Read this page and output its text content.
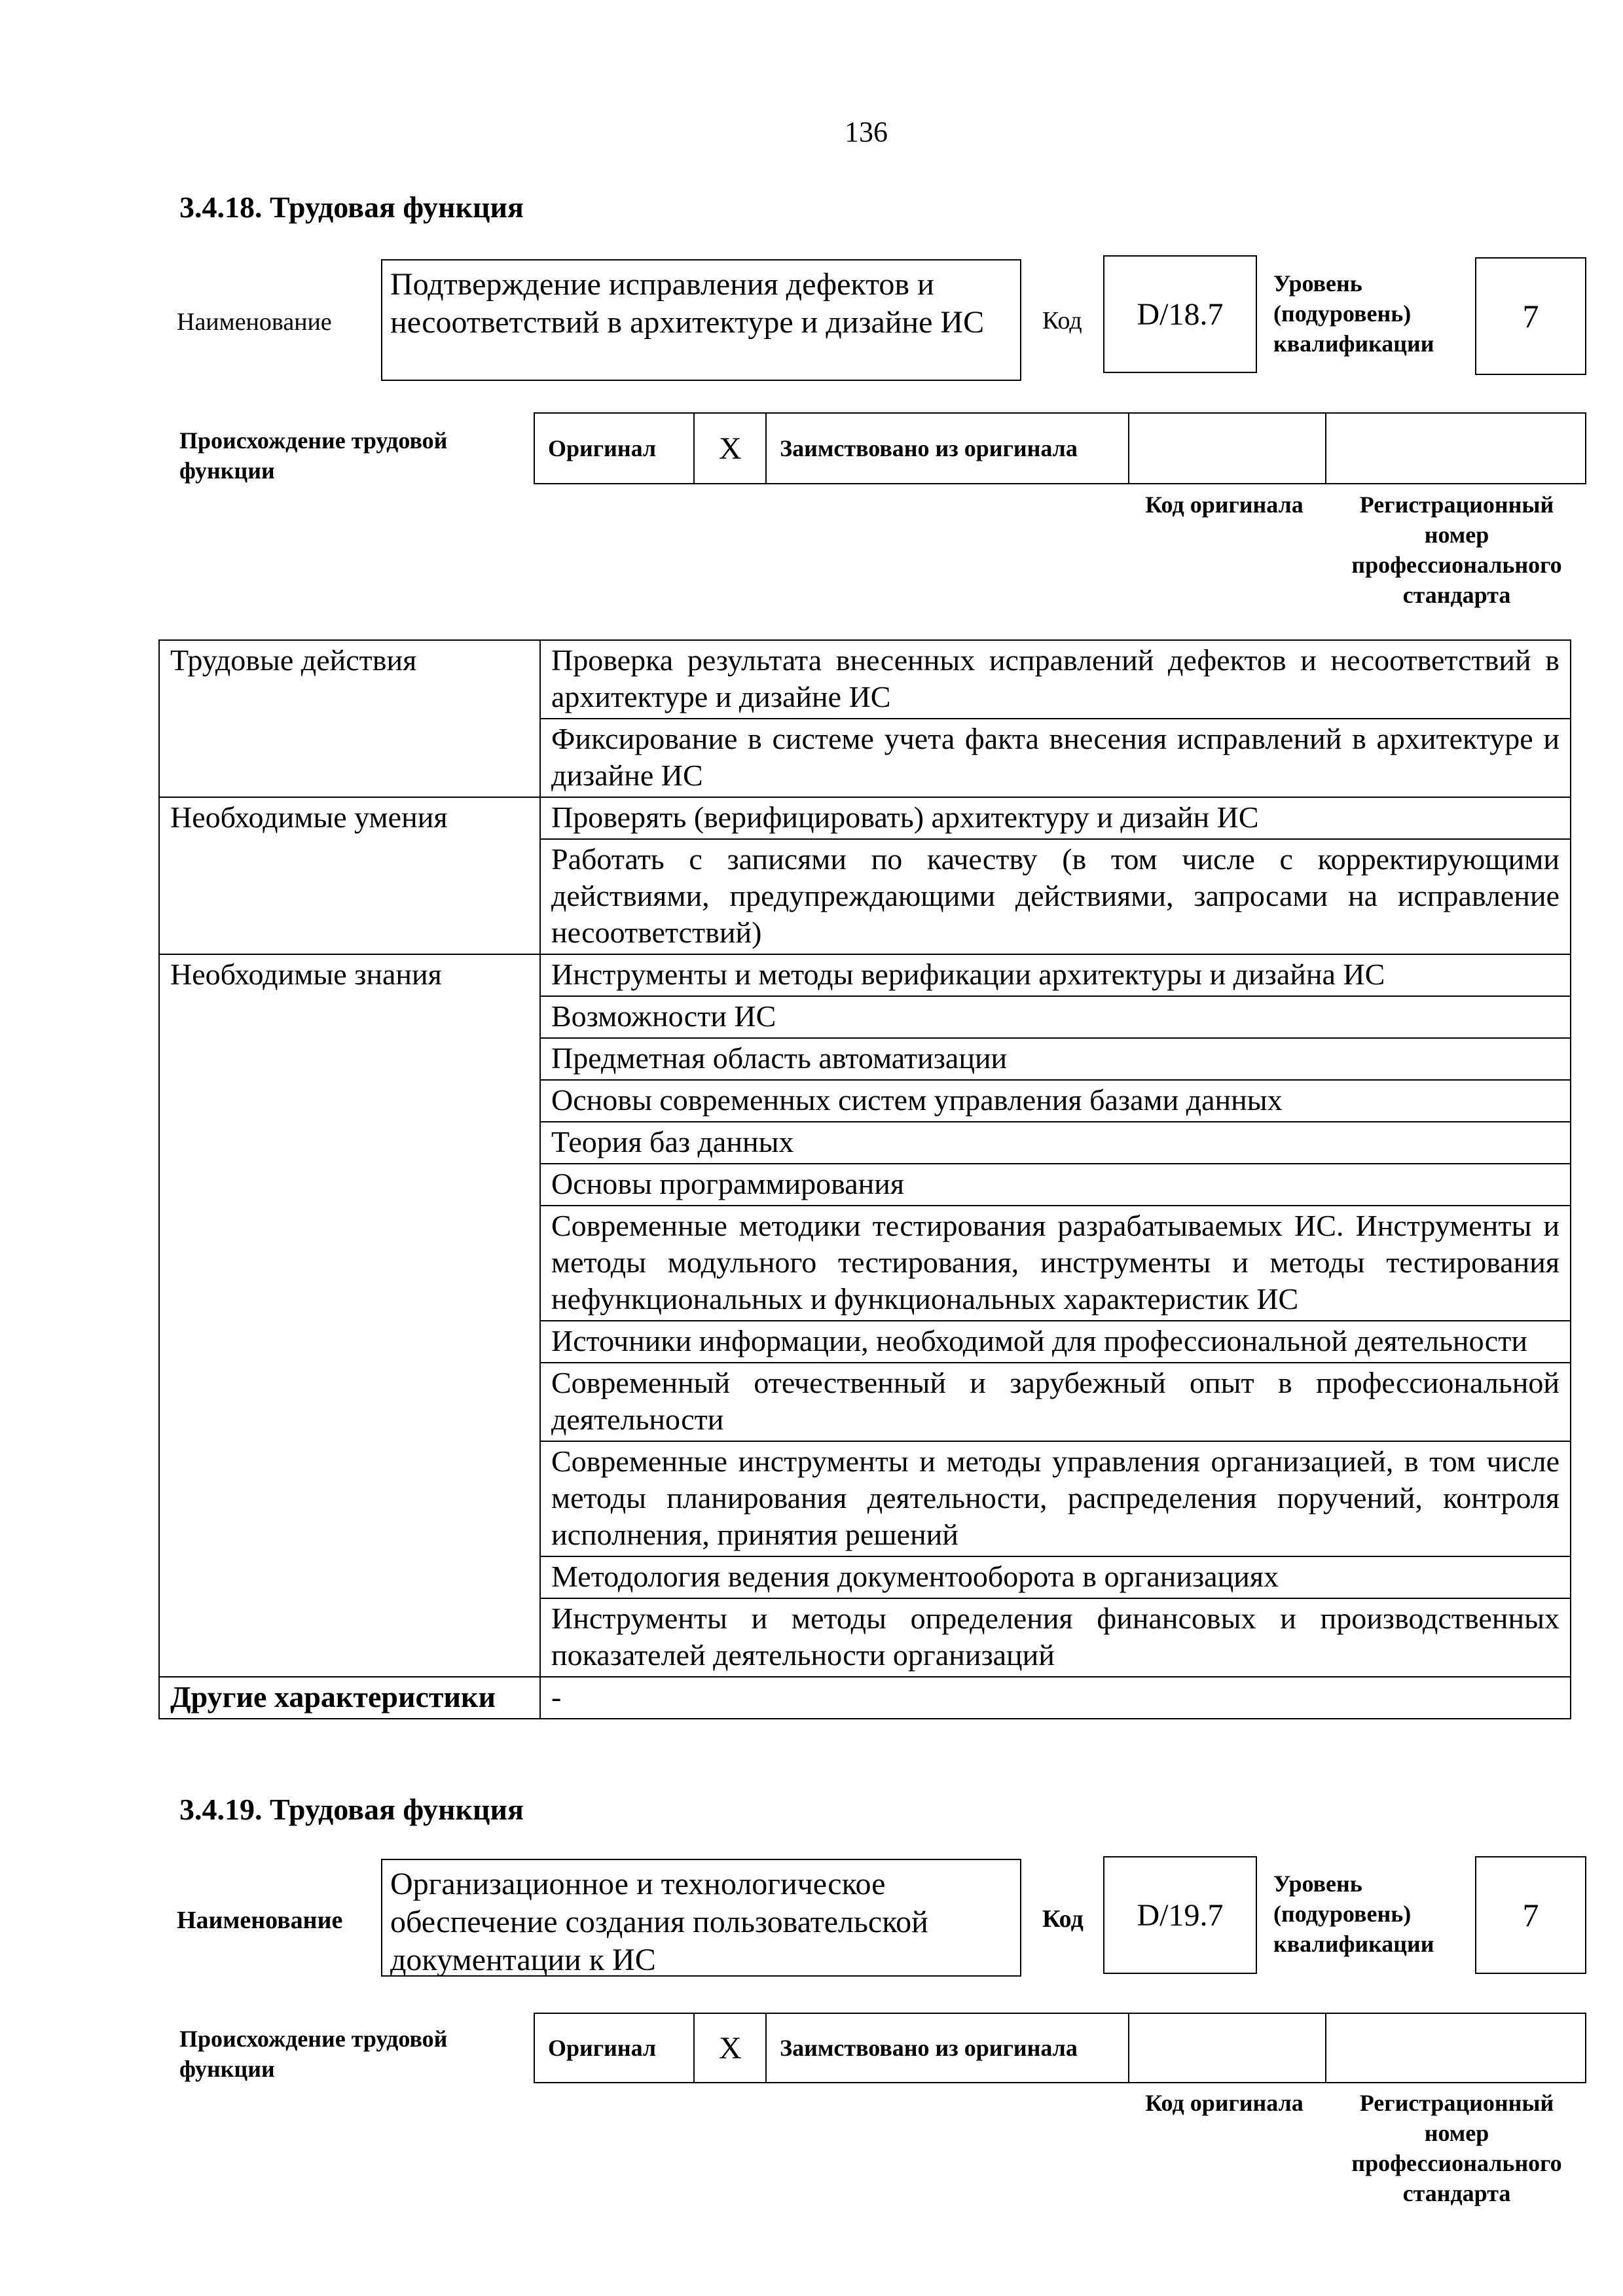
136
3.4.18. Трудовая функция
Наименование
Подтверждение исправления дефектов и несоответствий в архитектуре и дизайне ИС	Код D/18.7
Уровень (подуровень) квалификации
7
Происхождение трудовой функции
Оригинал	X	Заимствовано из оригинала
Код оригинала	Регистрационный номер профессионального стандарта
Трудовые действия	Проверка результата внесенных исправлений дефектов и несоответствий в архитектуре и дизайне ИС
	Фиксирование в системе учета факта внесения исправлений в архитектуре и дизайне ИС
Необходимые умения	Проверять (верифицировать) архитектуру и дизайн ИС
	Работать с записями по качеству (в том числе с корректирующими действиями, предупреждающими действиями, запросами на исправление несоответствий)
Необходимые знания	Инструменты и методы верификации архитектуры и дизайна ИС
	Возможности ИС
	Предметная область автоматизации
	Основы современных систем управления базами данных
	Теория баз данных
	Основы программирования
	Современные методики тестирования разрабатываемых ИС. Инструменты и методы модульного тестирования, инструменты и методы тестирования нефункциональных и функциональных характеристик ИС
	Источники информации, необходимой для профессиональной деятельности
	Современный отечественный и зарубежный опыт в профессиональной деятельности
	Современные инструменты и методы управления организацией, в том числе методы планирования деятельности, распределения поручений, контроля исполнения, принятия решений
	Методология ведения документооборота в организациях
	Инструменты и методы определения финансовых и производственных показателей деятельности организаций
Другие характеристики	-
3.4.19. Трудовая функция
Наименование
Организационное и технологическое обеспечение создания пользовательской документации к ИС
Код D/19.7
Уровень (подуровень) квалификации
7
Происхождение трудовой функции
Оригинал	X	Заимствовано из оригинала
Код оригинала	Регистрационный номер профессионального стандарта
